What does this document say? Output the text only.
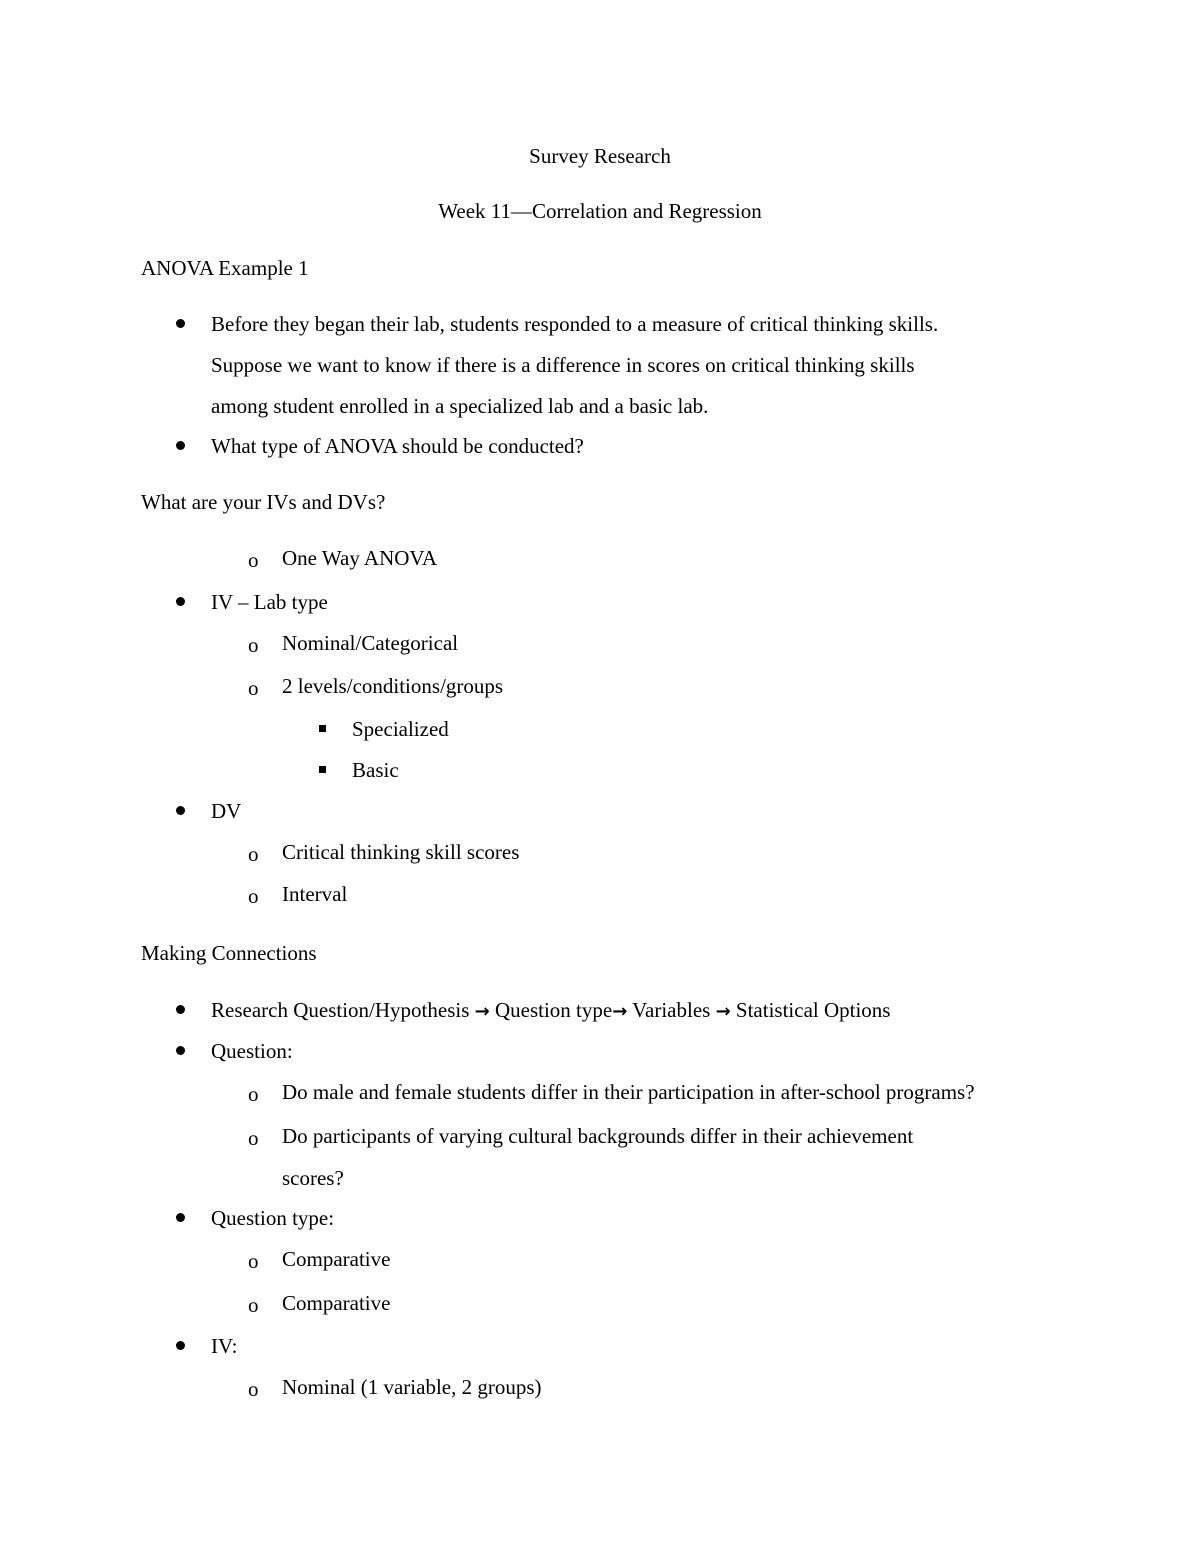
Survey Research
Week 11—Correlation and Regression
ANOVA Example 1
Before they began their lab, students responded to a measure of critical thinking skills.
Suppose we want to know if there is a difference in scores on critical thinking skills
among student enrolled in a specialized lab and a basic lab.
What type of ANOVA should be conducted?
What are your IVs and DVs?
o One Way ANOVA
IV – Lab type
o Nominal/Categorical
o 2 levels/conditions/groups
Specialized
Basic
DV
o Critical thinking skill scores
o Interval
Making Connections
Research Question/Hypothesis → Question type→ Variables → Statistical Options
Question:
o Do male and female students differ in their participation in after-school programs?
o Do participants of varying cultural backgrounds differ in their achievement
scores?
Question type:
o Comparative
o Comparative
IV:
o Nominal (1 variable, 2 groups)
